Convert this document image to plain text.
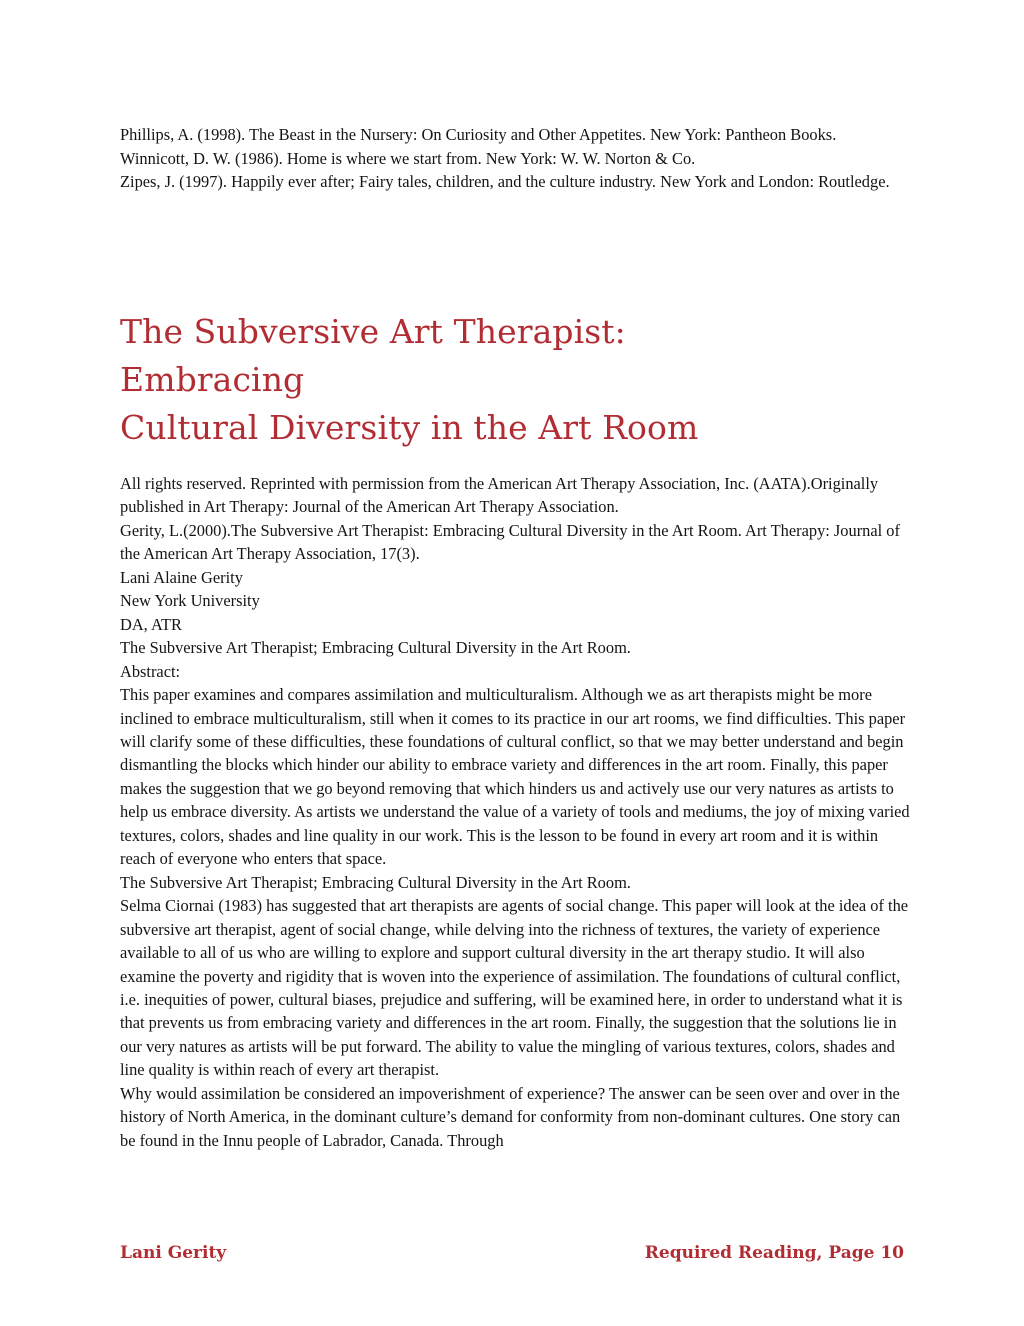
Phillips, A. (1998). The Beast in the Nursery: On Curiosity and Other Appetites. New York: Pantheon Books.

Winnicott, D. W. (1986). Home is where we start from. New York: W. W. Norton & Co.

Zipes, J. (1997). Happily ever after; Fairy tales, children, and the culture industry. New York and London: Routledge.

The Subversive Art Therapist:
Embracing
Cultural Diversity in the Art Room

All rights reserved. Reprinted with permission from the American Art Therapy Association, Inc. (AATA).Originally published in Art Therapy: Journal of the American Art Therapy Association.

Gerity, L.(2000).The Subversive Art Therapist: Embracing Cultural Diversity in the Art Room. Art Therapy: Journal of the American Art Therapy Association, 17(3).

Lani Alaine Gerity

New York University

DA, ATR

The Subversive Art Therapist; Embracing Cultural Diversity in the Art Room.

Abstract:

This paper examines and compares assimilation and multiculturalism. Although we as art therapists might be more inclined to embrace multiculturalism, still when it comes to its practice in our art rooms, we find difficulties. This paper will clarify some of these difficulties, these foundations of cultural conflict, so that we may better understand and begin dismantling the blocks which hinder our ability to embrace variety and differences in the art room. Finally, this paper makes the suggestion that we go beyond removing that which hinders us and actively use our very natures as artists to help us embrace diversity. As artists we understand the value of a variety of tools and mediums, the joy of mixing varied textures, colors, shades and line quality in our work. This is the lesson to be found in every art room and it is within reach of everyone who enters that space.

The Subversive Art Therapist; Embracing Cultural Diversity in the Art Room.

Selma Ciornai (1983) has suggested that art therapists are agents of social change. This paper will look at the idea of the subversive art therapist, agent of social change, while delving into the richness of textures, the variety of experience available to all of us who are willing to explore and support cultural diversity in the art therapy studio. It will also examine the poverty and rigidity that is woven into the experience of assimilation. The foundations of cultural conflict, i.e. inequities of power, cultural biases, prejudice and suffering, will be examined here, in order to understand what it is that prevents us from embracing variety and differences in the art room. Finally, the suggestion that the solutions lie in our very natures as artists will be put forward. The ability to value the mingling of various textures, colors, shades and line quality is within reach of every art therapist.

Why would assimilation be considered an impoverishment of experience? The answer can be seen over and over in the history of North America, in the dominant culture’s demand for conformity from non-dominant cultures. One story can be found in the Innu people of Labrador, Canada. Through

Lani Gerity	Required Reading, Page 10
